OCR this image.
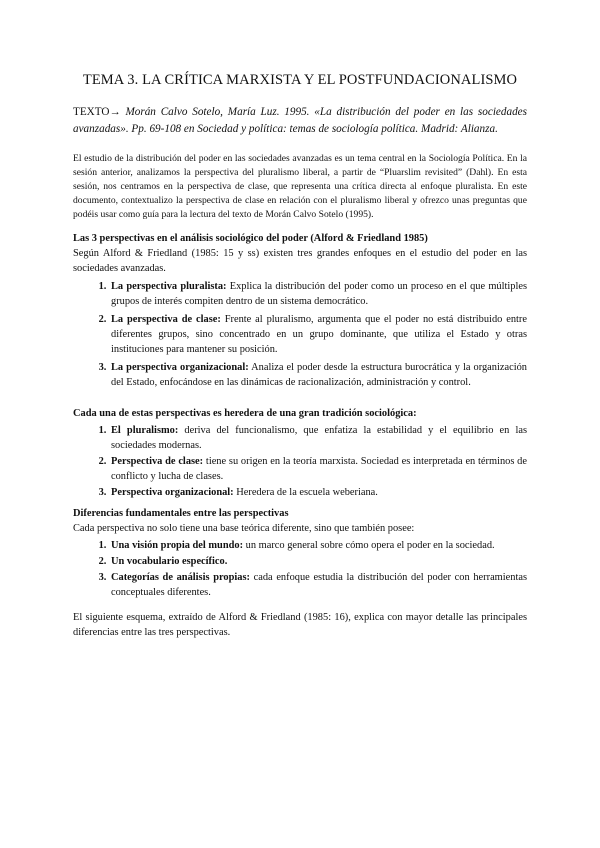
TEMA 3. LA CRÍTICA MARXISTA Y EL POSTFUNDACIONALISMO
TEXTO→ Morán Calvo Sotelo, María Luz. 1995. «La distribución del poder en las sociedades avanzadas». Pp. 69-108 en Sociedad y política: temas de sociología política. Madrid: Alianza.
El estudio de la distribución del poder en las sociedades avanzadas es un tema central en la Sociología Política. En la sesión anterior, analizamos la perspectiva del pluralismo liberal, a partir de “Pluarslim revisited” (Dahl). En esta sesión, nos centramos en la perspectiva de clase, que representa una crítica directa al enfoque pluralista. En este documento, contextualizo la perspectiva de clase en relación con el pluralismo liberal y ofrezco unas preguntas que podéis usar como guía para la lectura del texto de Morán Calvo Sotelo (1995).

Las 3 perspectivas en el análisis sociológico del poder (Alford & Friedland 1985)

Según Alford & Friedland (1985: 15 y ss) existen tres grandes enfoques en el estudio del poder en las sociedades avanzadas.

1. La perspectiva pluralista: Explica la distribución del poder como un proceso en el que múltiples grupos de interés compiten dentro de un sistema democrático.
2. La perspectiva de clase: Frente al pluralismo, argumenta que el poder no está distribuido entre diferentes grupos, sino concentrado en un grupo dominante, que utiliza el Estado y otras instituciones para mantener su posición.
3. La perspectiva organizacional: Analiza el poder desde la estructura burocrática y la organización del Estado, enfocándose en las dinámicas de racionalización, administración y control.

Cada una de estas perspectivas es heredera de una gran tradición sociológica:

1. El pluralismo: deriva del funcionalismo, que enfatiza la estabilidad y el equilibrio en las sociedades modernas.
2. Perspectiva de clase: tiene su origen en la teoría marxista. Sociedad es interpretada en términos de conflicto y lucha de clases.
3. Perspectiva organizacional: Heredera de la escuela weberiana.

Diferencias fundamentales entre las perspectivas

Cada perspectiva no solo tiene una base teórica diferente, sino que también posee:

1. Una visión propia del mundo: un marco general sobre cómo opera el poder en la sociedad.
2. Un vocabulario específico.
3. Categorías de análisis propias: cada enfoque estudia la distribución del poder con herramientas conceptuales diferentes.
El siguiente esquema, extraído de Alford & Friedland (1985: 16), explica con mayor detalle las principales diferencias entre las tres perspectivas.
